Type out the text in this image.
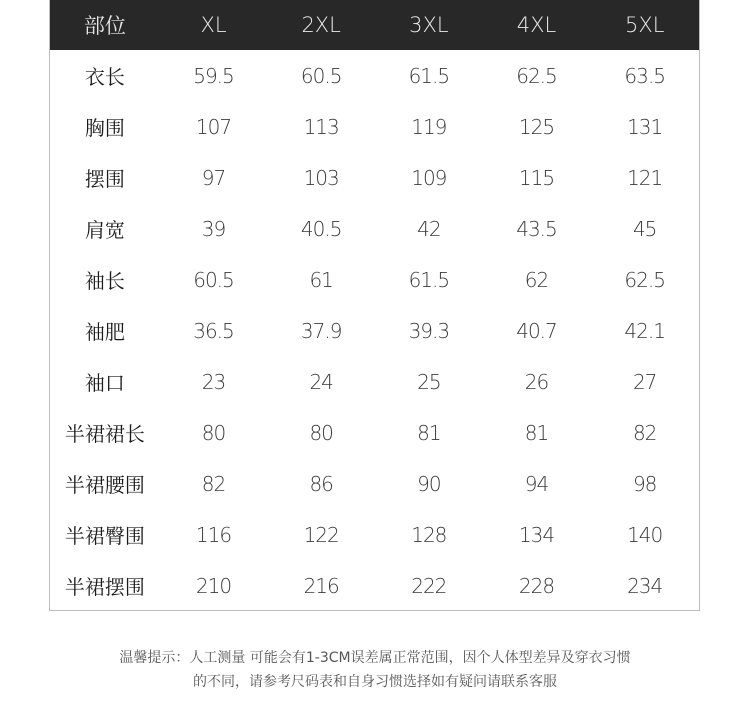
部位	XL	2XL	3XL	4XL	5XL
衣长	59.5	60.5	61.5	62.5	63.5
胸围	107	113	119	125	131
摆围	97	103	109	115	121
肩宽	39	40.5	42	43.5	45
袖长	60.5	61	61.5	62	62.5
袖肥	36.5	37.9	39.3	40.7	42.1
袖口	23	24	25	26	27
半裙裙长	80	80	81	81	82
半裙腰围	82	86	90	94	98
半裙臀围	116	122	128	134	140
半裙摆围	210	216	222	228	234
温馨提示：人工测量 可能会有1-3CM误差属正常范围，因个人体型差异及穿衣习惯
的不同，请参考尺码表和自身习惯选择如有疑问请联系客服
